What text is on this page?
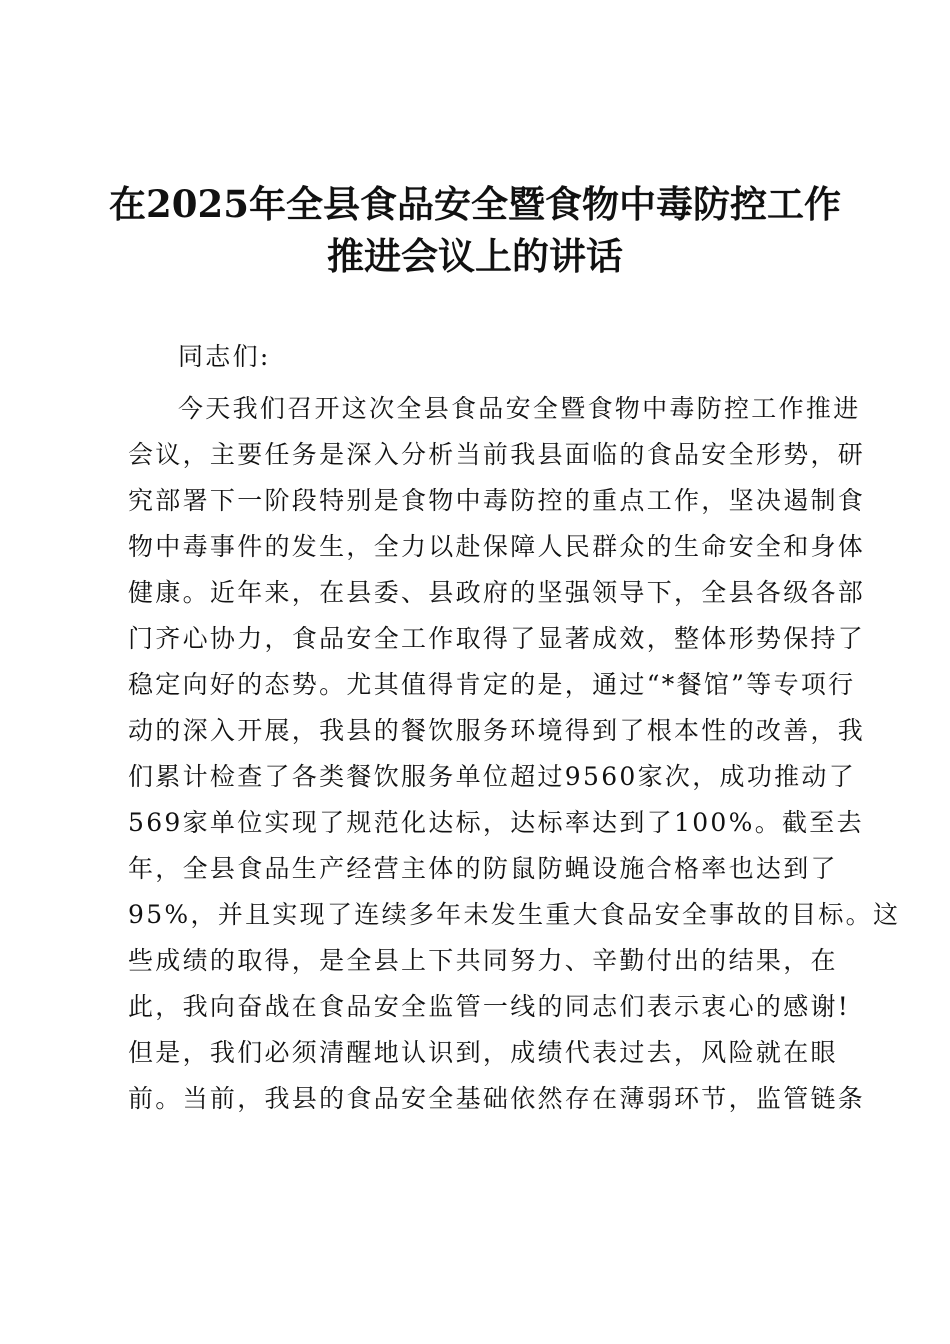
在2025年全县食品安全暨食物中毒防控工作
推进会议上的讲话

同志们:

今天我们召开这次全县食品安全暨食物中毒防控工作推进

会议，主要任务是深入分析当前我县面临的食品安全形势，研

究部署下一阶段特别是食物中毒防控的重点工作，坚决遏制食

物中毒事件的发生，全力以赴保障人民群众的生命安全和身体

健康。近年来，在县委、县政府的坚强领导下，全县各级各部

门齐心协力，食品安全工作取得了显著成效，整体形势保持了

稳定向好的态势。尤其值得肯定的是，通过“*餐馆”等专项行

动的深入开展，我县的餐饮服务环境得到了根本性的改善，我

们累计检查了各类餐饮服务单位超过9560家次，成功推动了

569家单位实现了规范化达标，达标率达到了100%。截至去

年，全县食品生产经营主体的防鼠防蝇设施合格率也达到了

95%，并且实现了连续多年未发生重大食品安全事故的目标。这

些成绩的取得，是全县上下共同努力、辛勤付出的结果，在

此，我向奋战在食品安全监管一线的同志们表示衷心的感谢!

但是，我们必须清醒地认识到，成绩代表过去，风险就在眼

前。当前，我县的食品安全基础依然存在薄弱环节，监管链条
